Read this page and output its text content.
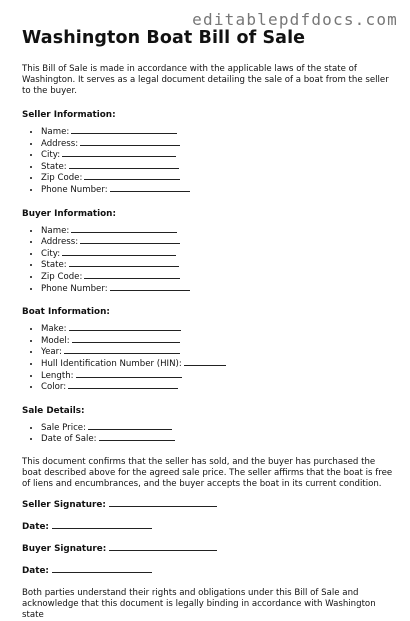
editablepdfdocs.com
Washington Boat Bill of Sale
This Bill of Sale is made in accordance with the applicable laws of the state of Washington. It serves as a legal document detailing the sale of a boat from the seller to the buyer.
Seller Information:
• Name:
• Address:
• City:
• State:
• Zip Code:
• Phone Number:
Buyer Information:
• Name:
• Address:
• City:
• State:
• Zip Code:
• Phone Number:
Boat Information:
• Make:
• Model:
• Year:
• Hull Identification Number (HIN):
• Length:
• Color:
Sale Details:
• Sale Price:
• Date of Sale:
This document confirms that the seller has sold, and the buyer has purchased the boat described above for the agreed sale price. The seller affirms that the boat is free of liens and encumbrances, and the buyer accepts the boat in its current condition.
Seller Signature:
Date:
Buyer Signature:
Date:
Both parties understand their rights and obligations under this Bill of Sale and acknowledge that this document is legally binding in accordance with Washington state
